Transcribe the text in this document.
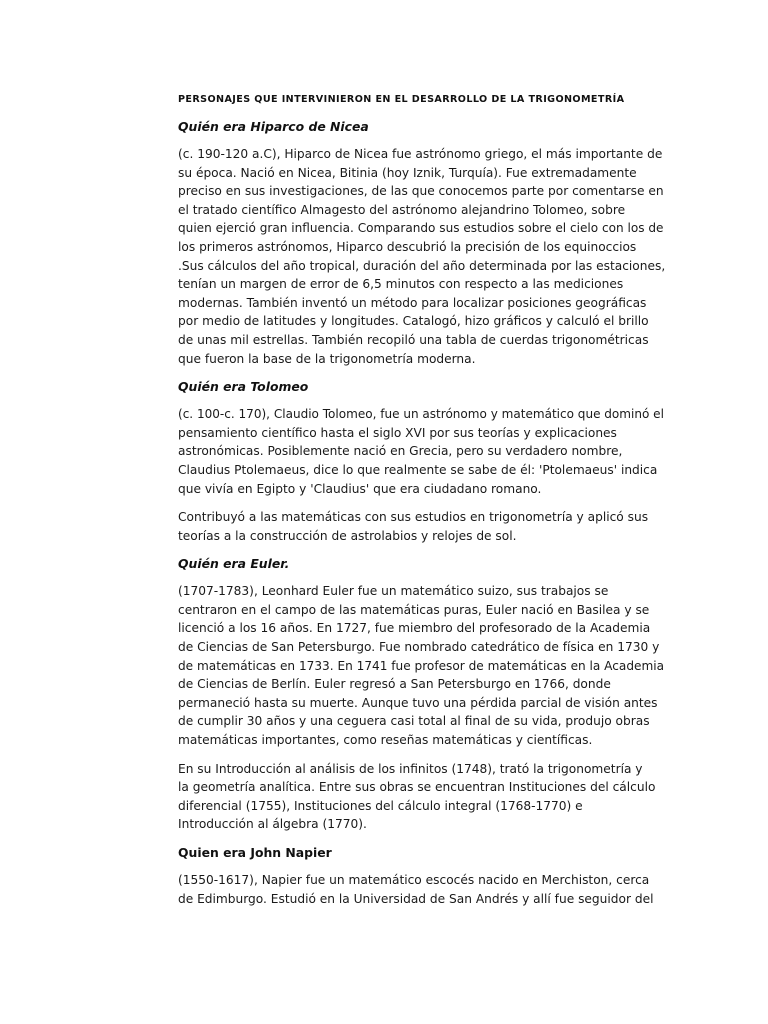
PERSONAJES QUE INTERVINIERON EN EL DESARROLLO DE LA TRIGONOMETRÍA
Quién era Hiparco de Nicea
(c. 190-120 a.C), Hiparco de Nicea fue astrónomo griego, el más importante de
su época. Nació en Nicea, Bitinia (hoy Iznik, Turquía). Fue extremadamente
preciso en sus investigaciones, de las que conocemos parte por comentarse en
el tratado científico Almagesto del astrónomo alejandrino Tolomeo, sobre
quien ejerció gran influencia. Comparando sus estudios sobre el cielo con los de
los primeros astrónomos, Hiparco descubrió la precisión de los equinoccios
.Sus cálculos del año tropical, duración del año determinada por las estaciones,
tenían un margen de error de 6,5 minutos con respecto a las mediciones
modernas. También inventó un método para localizar posiciones geográficas
por medio de latitudes y longitudes. Catalogó, hizo gráficos y calculó el brillo
de unas mil estrellas. También recopiló una tabla de cuerdas trigonométricas
que fueron la base de la trigonometría moderna.
Quién era Tolomeo
(c. 100-c. 170), Claudio Tolomeo, fue un astrónomo y matemático que dominó el
pensamiento científico hasta el siglo XVI por sus teorías y explicaciones
astronómicas. Posiblemente nació en Grecia, pero su verdadero nombre,
Claudius Ptolemaeus, dice lo que realmente se sabe de él: 'Ptolemaeus' indica
que vivía en Egipto y 'Claudius' que era ciudadano romano.
Contribuyó a las matemáticas con sus estudios en trigonometría y aplicó sus
teorías a la construcción de astrolabios y relojes de sol.
Quién era Euler.
(1707-1783), Leonhard Euler fue un matemático suizo, sus trabajos se
centraron en el campo de las matemáticas puras, Euler nació en Basilea y se
licenció a los 16 años. En 1727, fue miembro del profesorado de la Academia
de Ciencias de San Petersburgo. Fue nombrado catedrático de física en 1730 y
de matemáticas en 1733. En 1741 fue profesor de matemáticas en la Academia
de Ciencias de Berlín. Euler regresó a San Petersburgo en 1766, donde
permaneció hasta su muerte. Aunque tuvo una pérdida parcial de visión antes
de cumplir 30 años y una ceguera casi total al final de su vida, produjo obras
matemáticas importantes, como reseñas matemáticas y científicas.
En su Introducción al análisis de los infinitos (1748), trató la trigonometría y
la geometría analítica. Entre sus obras se encuentran Instituciones del cálculo
diferencial (1755), Instituciones del cálculo integral (1768-1770) e
Introducción al álgebra (1770).
Quien era John Napier
(1550-1617), Napier fue un matemático escocés nacido en Merchiston, cerca
de Edimburgo. Estudió en la Universidad de San Andrés y allí fue seguidor del
